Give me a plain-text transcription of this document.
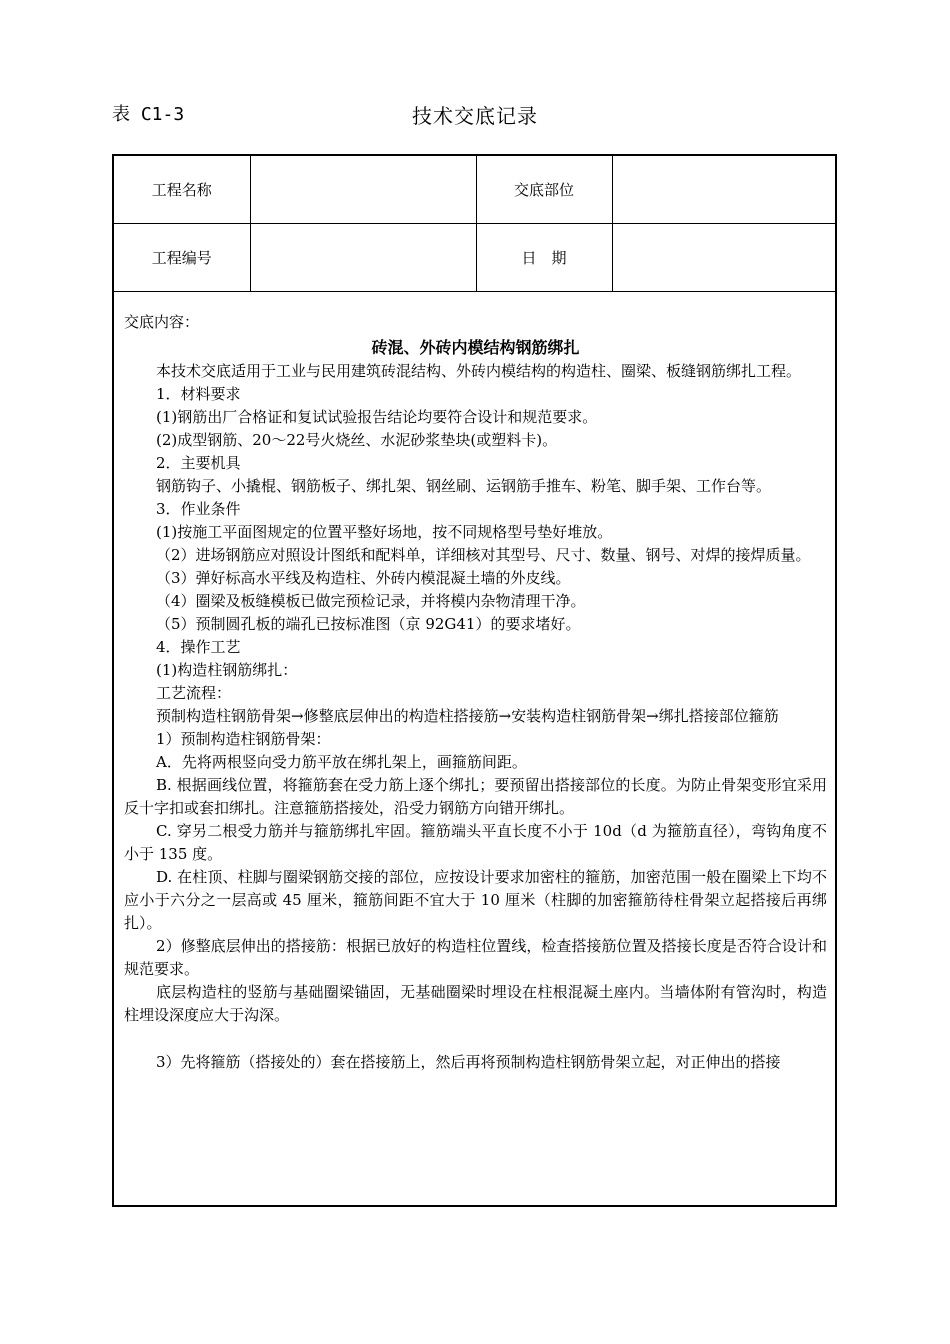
表 C1-3	技术交底记录
工程名称		交底部位	
工程编号		日　期	

交底内容：

砖混、外砖内模结构钢筋绑扎

本技术交底适用于工业与民用建筑砖混结构、外砖内模结构的构造柱、圈梁、板缝钢筋绑扎工程。

1．材料要求

(1)钢筋出厂合格证和复试试验报告结论均要符合设计和规范要求。

(2)成型钢筋、20～22号火烧丝、水泥砂浆垫块(或塑料卡)。

2．主要机具

钢筋钩子、小撬棍、钢筋板子、绑扎架、钢丝刷、运钢筋手推车、粉笔、脚手架、工作台等。

3．作业条件

(1)按施工平面图规定的位置平整好场地，按不同规格型号垫好堆放。

（2）进场钢筋应对照设计图纸和配料单，详细核对其型号、尺寸、数量、钢号、对焊的接焊质量。

（3）弹好标高水平线及构造柱、外砖内模混凝土墙的外皮线。

（4）圈梁及板缝模板已做完预检记录，并将模内杂物清理干净。

（5）预制圆孔板的端孔已按标准图（京 92G41）的要求堵好。

4．操作工艺

(1)构造柱钢筋绑扎：

工艺流程：

预制构造柱钢筋骨架→修整底层伸出的构造柱搭接筋→安装构造柱钢筋骨架→绑扎搭接部位箍筋

1）预制构造柱钢筋骨架：

A．先将两根竖向受力筋平放在绑扎架上，画箍筋间距。

B. 根据画线位置，将箍筋套在受力筋上逐个绑扎；要预留出搭接部位的长度。为防止骨架变形宜采用反十字扣或套扣绑扎。注意箍筋搭接处，沿受力钢筋方向错开绑扎。

C. 穿另二根受力筋并与箍筋绑扎牢固。箍筋端头平直长度不小于 10d（d 为箍筋直径），弯钩角度不小于 135 度。

D. 在柱顶、柱脚与圈梁钢筋交接的部位，应按设计要求加密柱的箍筋，加密范围一般在圈梁上下均不应小于六分之一层高或 45 厘米，箍筋间距不宜大于 10 厘米（柱脚的加密箍筋待柱骨架立起搭接后再绑扎）。

2）修整底层伸出的搭接筋：根据已放好的构造柱位置线，检查搭接筋位置及搭接长度是否符合设计和规范要求。

底层构造柱的竖筋与基础圈梁锚固，无基础圈梁时埋设在柱根混凝土座内。当墙体附有管沟时，构造柱埋设深度应大于沟深。

3）先将箍筋（搭接处的）套在搭接筋上，然后再将预制构造柱钢筋骨架立起，对正伸出的搭接
